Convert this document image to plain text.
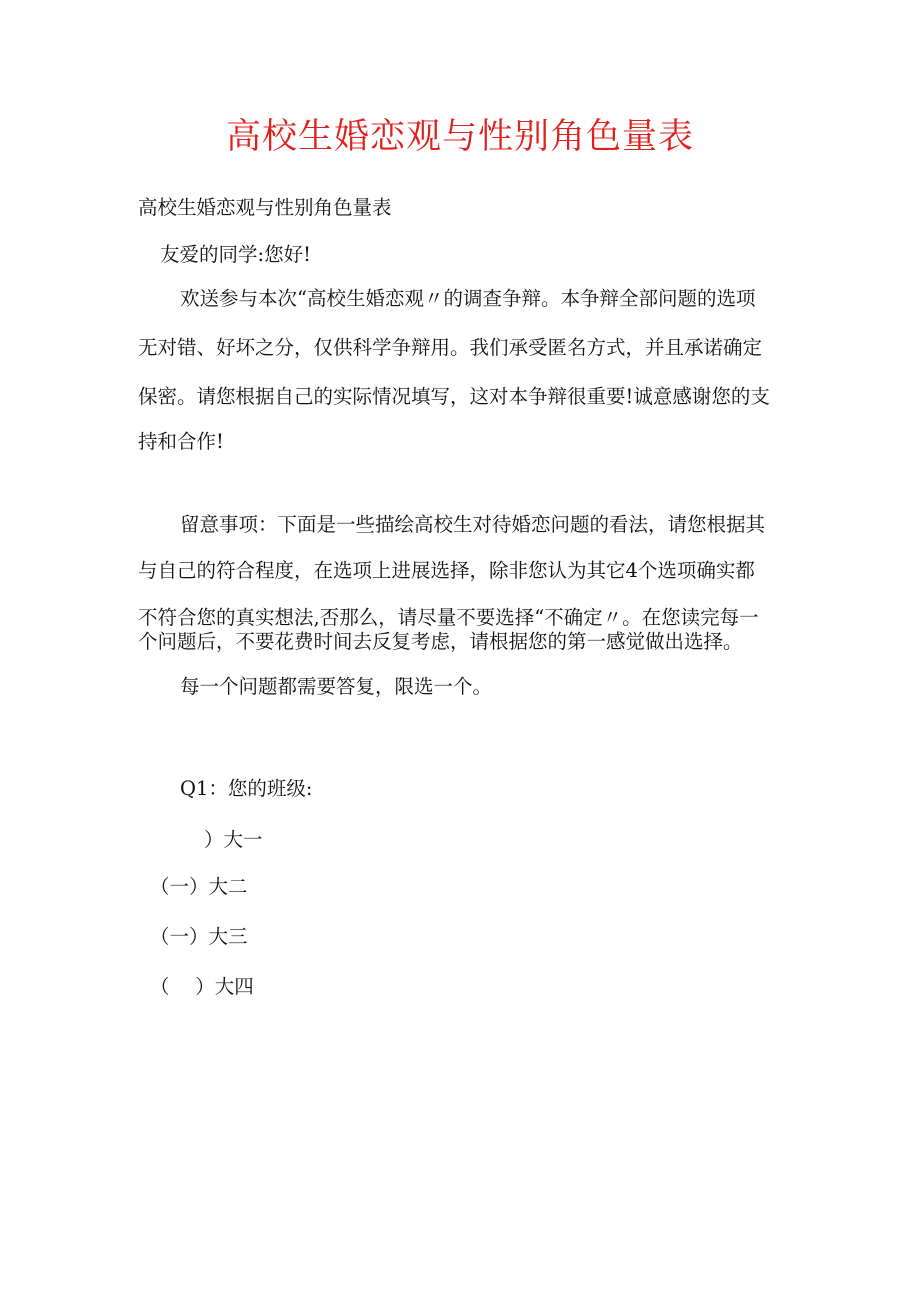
高校生婚恋观与性别角色量表

高校生婚恋观与性别角色量表

友爱的同学:您好!

欢送参与本次“高校生婚恋观〃的调查争辩。本争辩全部问题的选项

无对错、好坏之分，仅供科学争辩用。我们承受匿名方式，并且承诺确定

保密。请您根据自己的实际情况填写，这对本争辩很重要!诚意感谢您的支

持和合作!

留意事项：下面是一些描绘高校生对待婚恋问题的看法，请您根据其

与自己的符合程度，在选项上进展选择，除非您认为其它4个选项确实都

不符合您的真实想法,否那么，请尽量不要选择“不确定〃。在您读完每一

个问题后，不要花费时间去反复考虑，请根据您的第一感觉做出选择。

每一个问题都需要答复，限选一个。

Q1：您的班级:

）大一
（一）大二
（一）大三
（　 ）大四
